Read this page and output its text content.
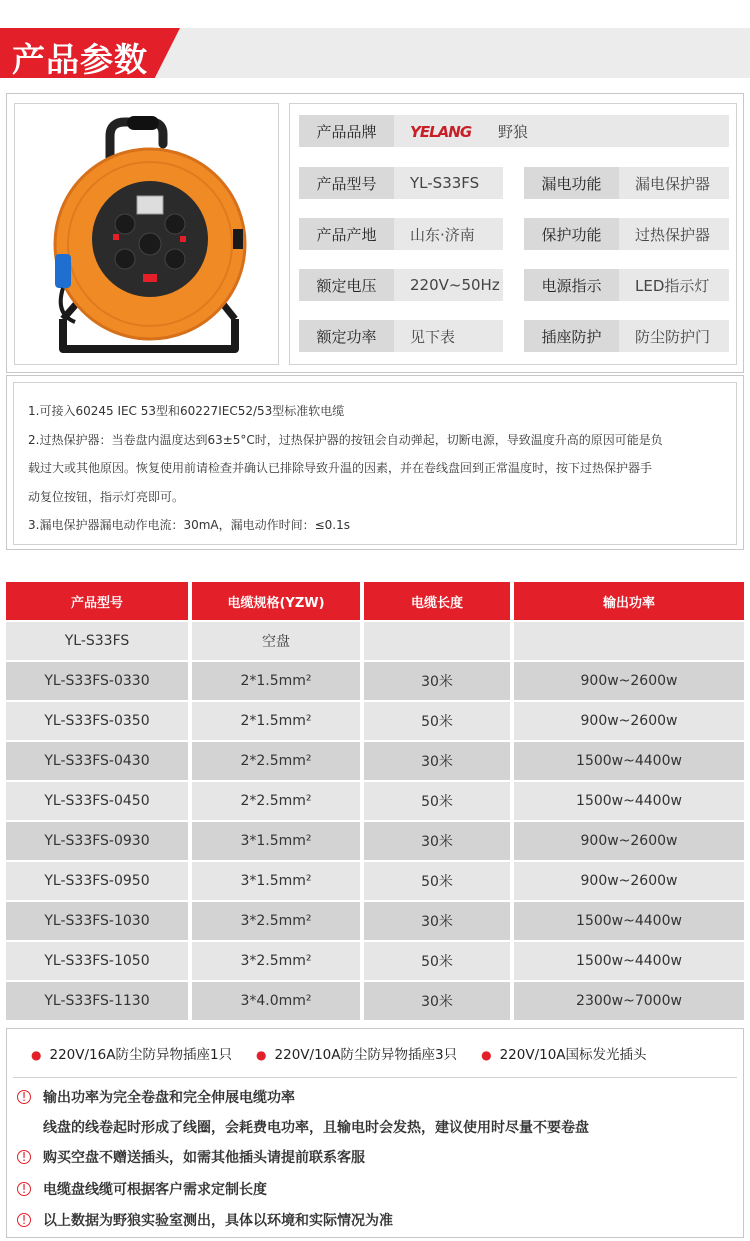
产品参数
产品品牌	YELANG 野狼
产品型号	YL-S33FS	漏电功能	漏电保护器
产品产地	山东·济南	保护功能	过热保护器
额定电压	220V~50Hz	电源指示	LED指示灯
额定功率	见下表	插座防护	防尘防护门
1.可接入60245 IEC 53型和60227IEC52/53型标准软电缆
2.过热保护器：当卷盘内温度达到63±5°C时，过热保护器的按钮会自动弹起，切断电源，导致温度升高的原因可能是负
载过大或其他原因。恢复使用前请检查并确认已排除导致升温的因素，并在卷线盘回到正常温度时，按下过热保护器手
动复位按钮，指示灯亮即可。
3.漏电保护器漏电动作电流：30mA，漏电动作时间：≤0.1s
产品型号	电缆规格(YZW)	电缆长度	输出功率
YL-S33FS	空盘
YL-S33FS-0330	2*1.5mm²	30米	900w~2600w
YL-S33FS-0350	2*1.5mm²	50米	900w~2600w
YL-S33FS-0430	2*2.5mm²	30米	1500w~4400w
YL-S33FS-0450	2*2.5mm²	50米	1500w~4400w
YL-S33FS-0930	3*1.5mm²	30米	900w~2600w
YL-S33FS-0950	3*1.5mm²	50米	900w~2600w
YL-S33FS-1030	3*2.5mm²	30米	1500w~4400w
YL-S33FS-1050	3*2.5mm²	50米	1500w~4400w
YL-S33FS-1130	3*4.0mm²	30米	2300w~7000w
● 220V/16A防尘防异物插座1只 ● 220V/10A防尘防异物插座3只 ● 220V/10A国标发光插头
!	输出功率为完全卷盘和完全伸展电缆功率
线盘的线卷起时形成了线圈，会耗费电功率，且输电时会发热，建议使用时尽量不要卷盘
!	购买空盘不赠送插头，如需其他插头请提前联系客服
!	电缆盘线缆可根据客户需求定制长度
!	以上数据为野狼实验室测出，具体以环境和实际情况为准
